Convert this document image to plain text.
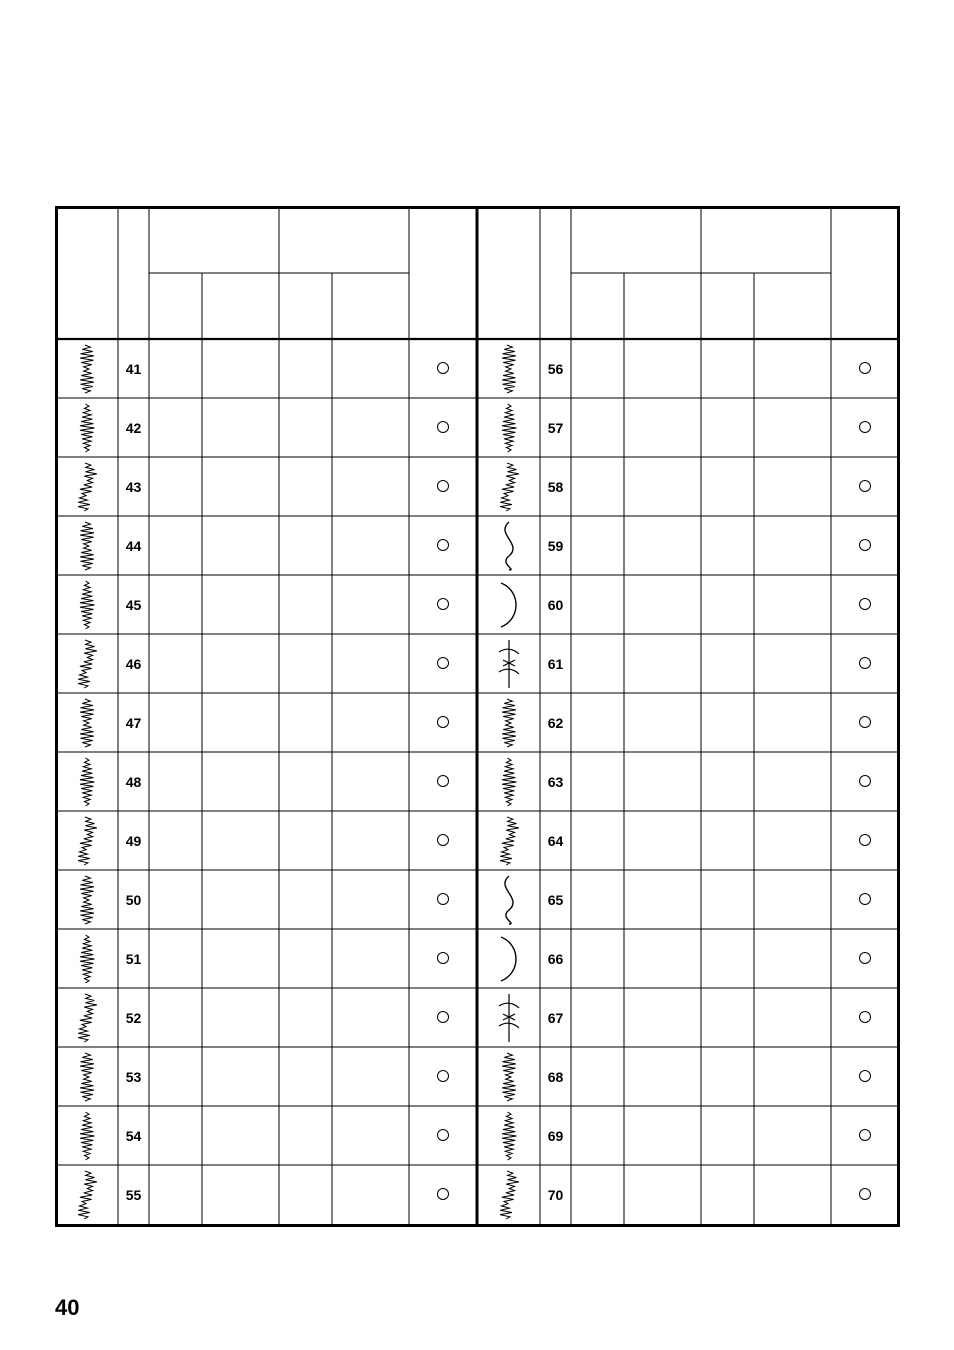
41
42
43
44
45
46
47
48
49
50
51
52
53
54
55
56
57
58
59
60
61
62
63
64
65
66
67
68
69
70
40
